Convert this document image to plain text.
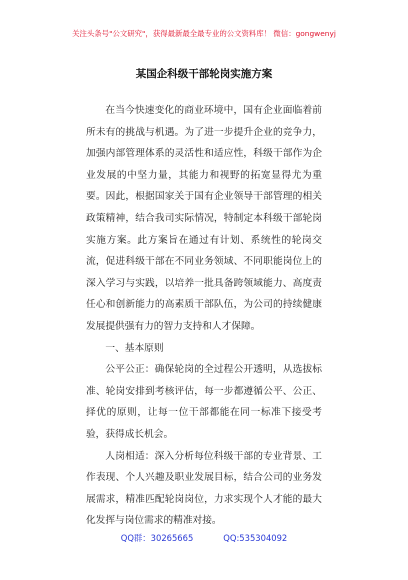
关注头条号"公文研究"，获得最新最全最专业的公文资料库！ 微信：gongwenyj
某国企科级干部轮岗实施方案

在当今快速变化的商业环境中，国有企业面临着前所未有的挑战与机遇。为了进一步提升企业的竞争力，加强内部管理体系的灵活性和适应性，科级干部作为企业发展的中坚力量，其能力和视野的拓宽显得尤为重要。因此，根据国家关于国有企业领导干部管理的相关政策精神，结合我司实际情况，特制定本科级干部轮岗实施方案。此方案旨在通过有计划、系统性的轮岗交流，促进科级干部在不同业务领域、不同职能岗位上的深入学习与实践，以培养一批具备跨领域能力、高度责任心和创新能力的高素质干部队伍，为公司的持续健康发展提供强有力的智力支持和人才保障。

一、基本原则

公平公正：确保轮岗的全过程公开透明，从选拔标准、轮岗安排到考核评估，每一步都遵循公平、公正、择优的原则，让每一位干部都能在同一标准下接受考验，获得成长机会。

人岗相适：深入分析每位科级干部的专业背景、工作表现、个人兴趣及职业发展目标，结合公司的业务发展需求，精准匹配轮岗岗位，力求实现个人才能的最大化发挥与岗位需求的精准对接。

QQ群：30265665	QQ:535304092
